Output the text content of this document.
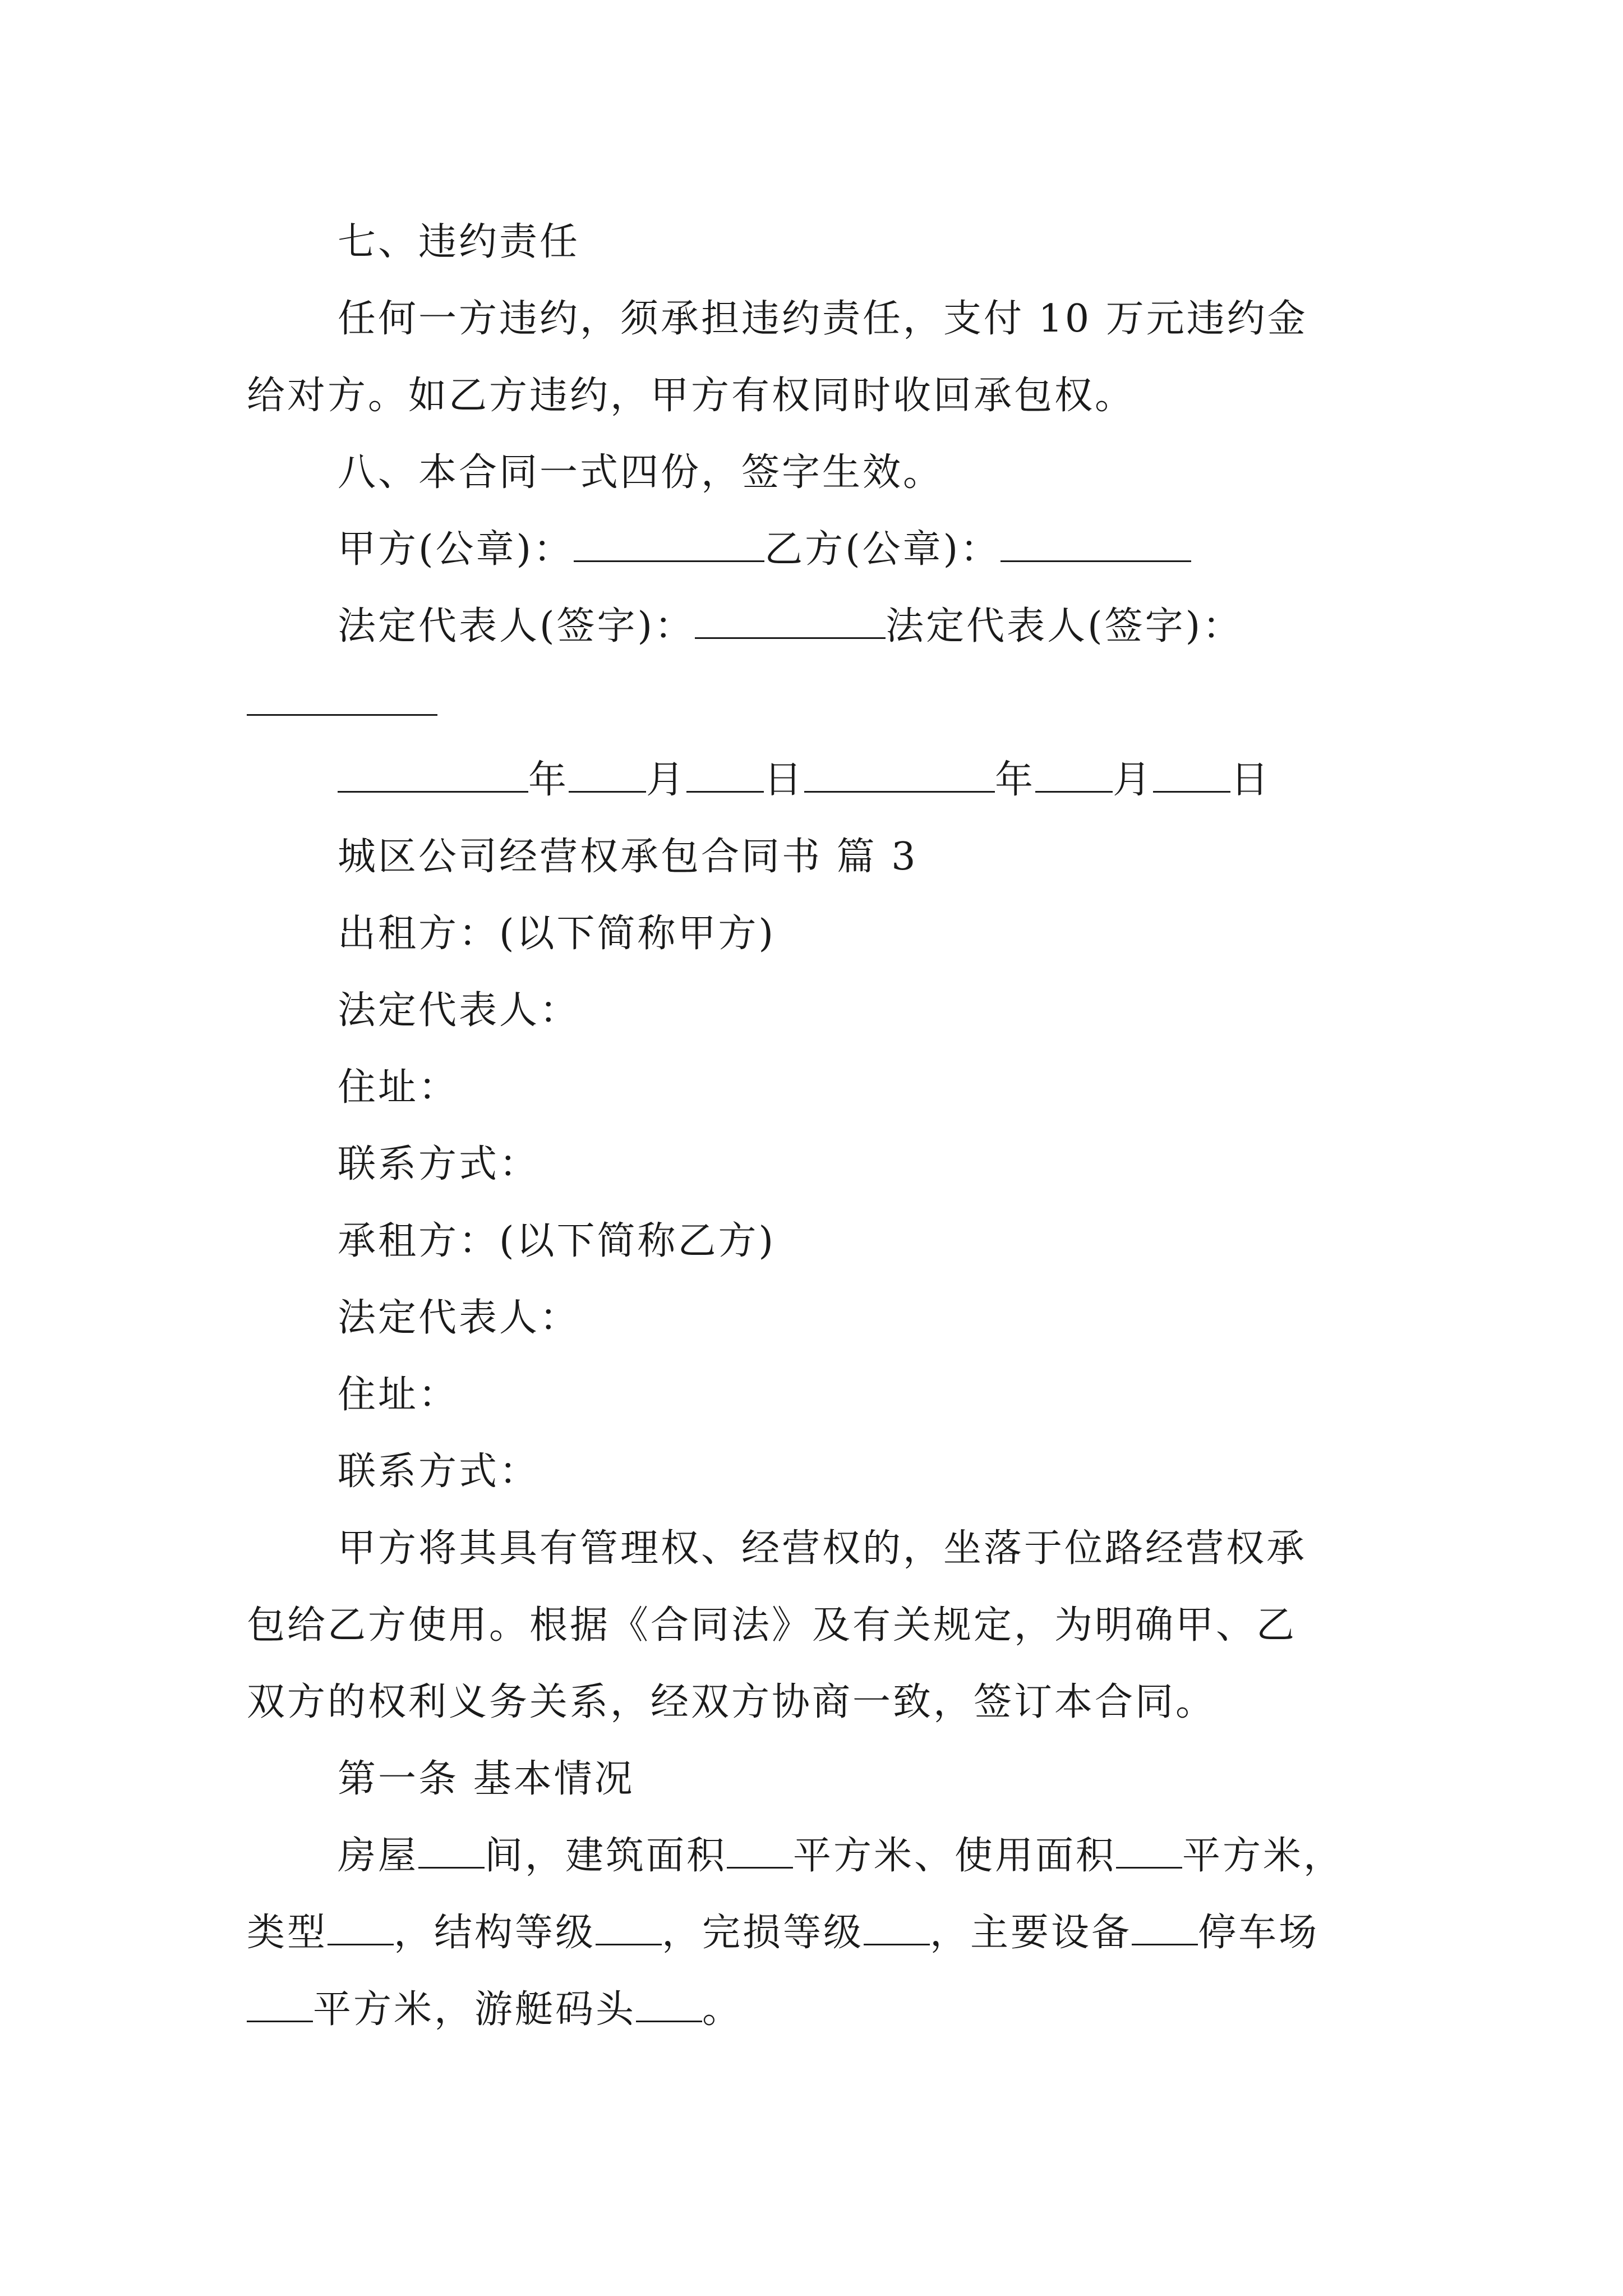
七、违约责任
任何一方违约，须承担违约责任，支付 10 万元违约金
给对方。如乙方违约，甲方有权同时收回承包权。
八、本合同一式四份，签字生效。
甲方(公章)：	乙方(公章)：
法定代表人(签字)：	法定代表人(签字)：
年 月 日	年 月 日
城区公司经营权承包合同书 篇 3
出租方：(以下简称甲方)
法定代表人：
住址：
联系方式：
承租方：(以下简称乙方)
法定代表人：
住址：
联系方式：
甲方将其具有管理权、经营权的，坐落于位路经营权承
包给乙方使用。根据《合同法》及有关规定，为明确甲、乙
双方的权利义务关系，经双方协商一致，签订本合同。
第一条 基本情况
房屋 间，建筑面积 平方米、使用面积 平方米，
类型 ，结构等级 ，完损等级 ，主要设备 停车场
平方米，游艇码头 。
